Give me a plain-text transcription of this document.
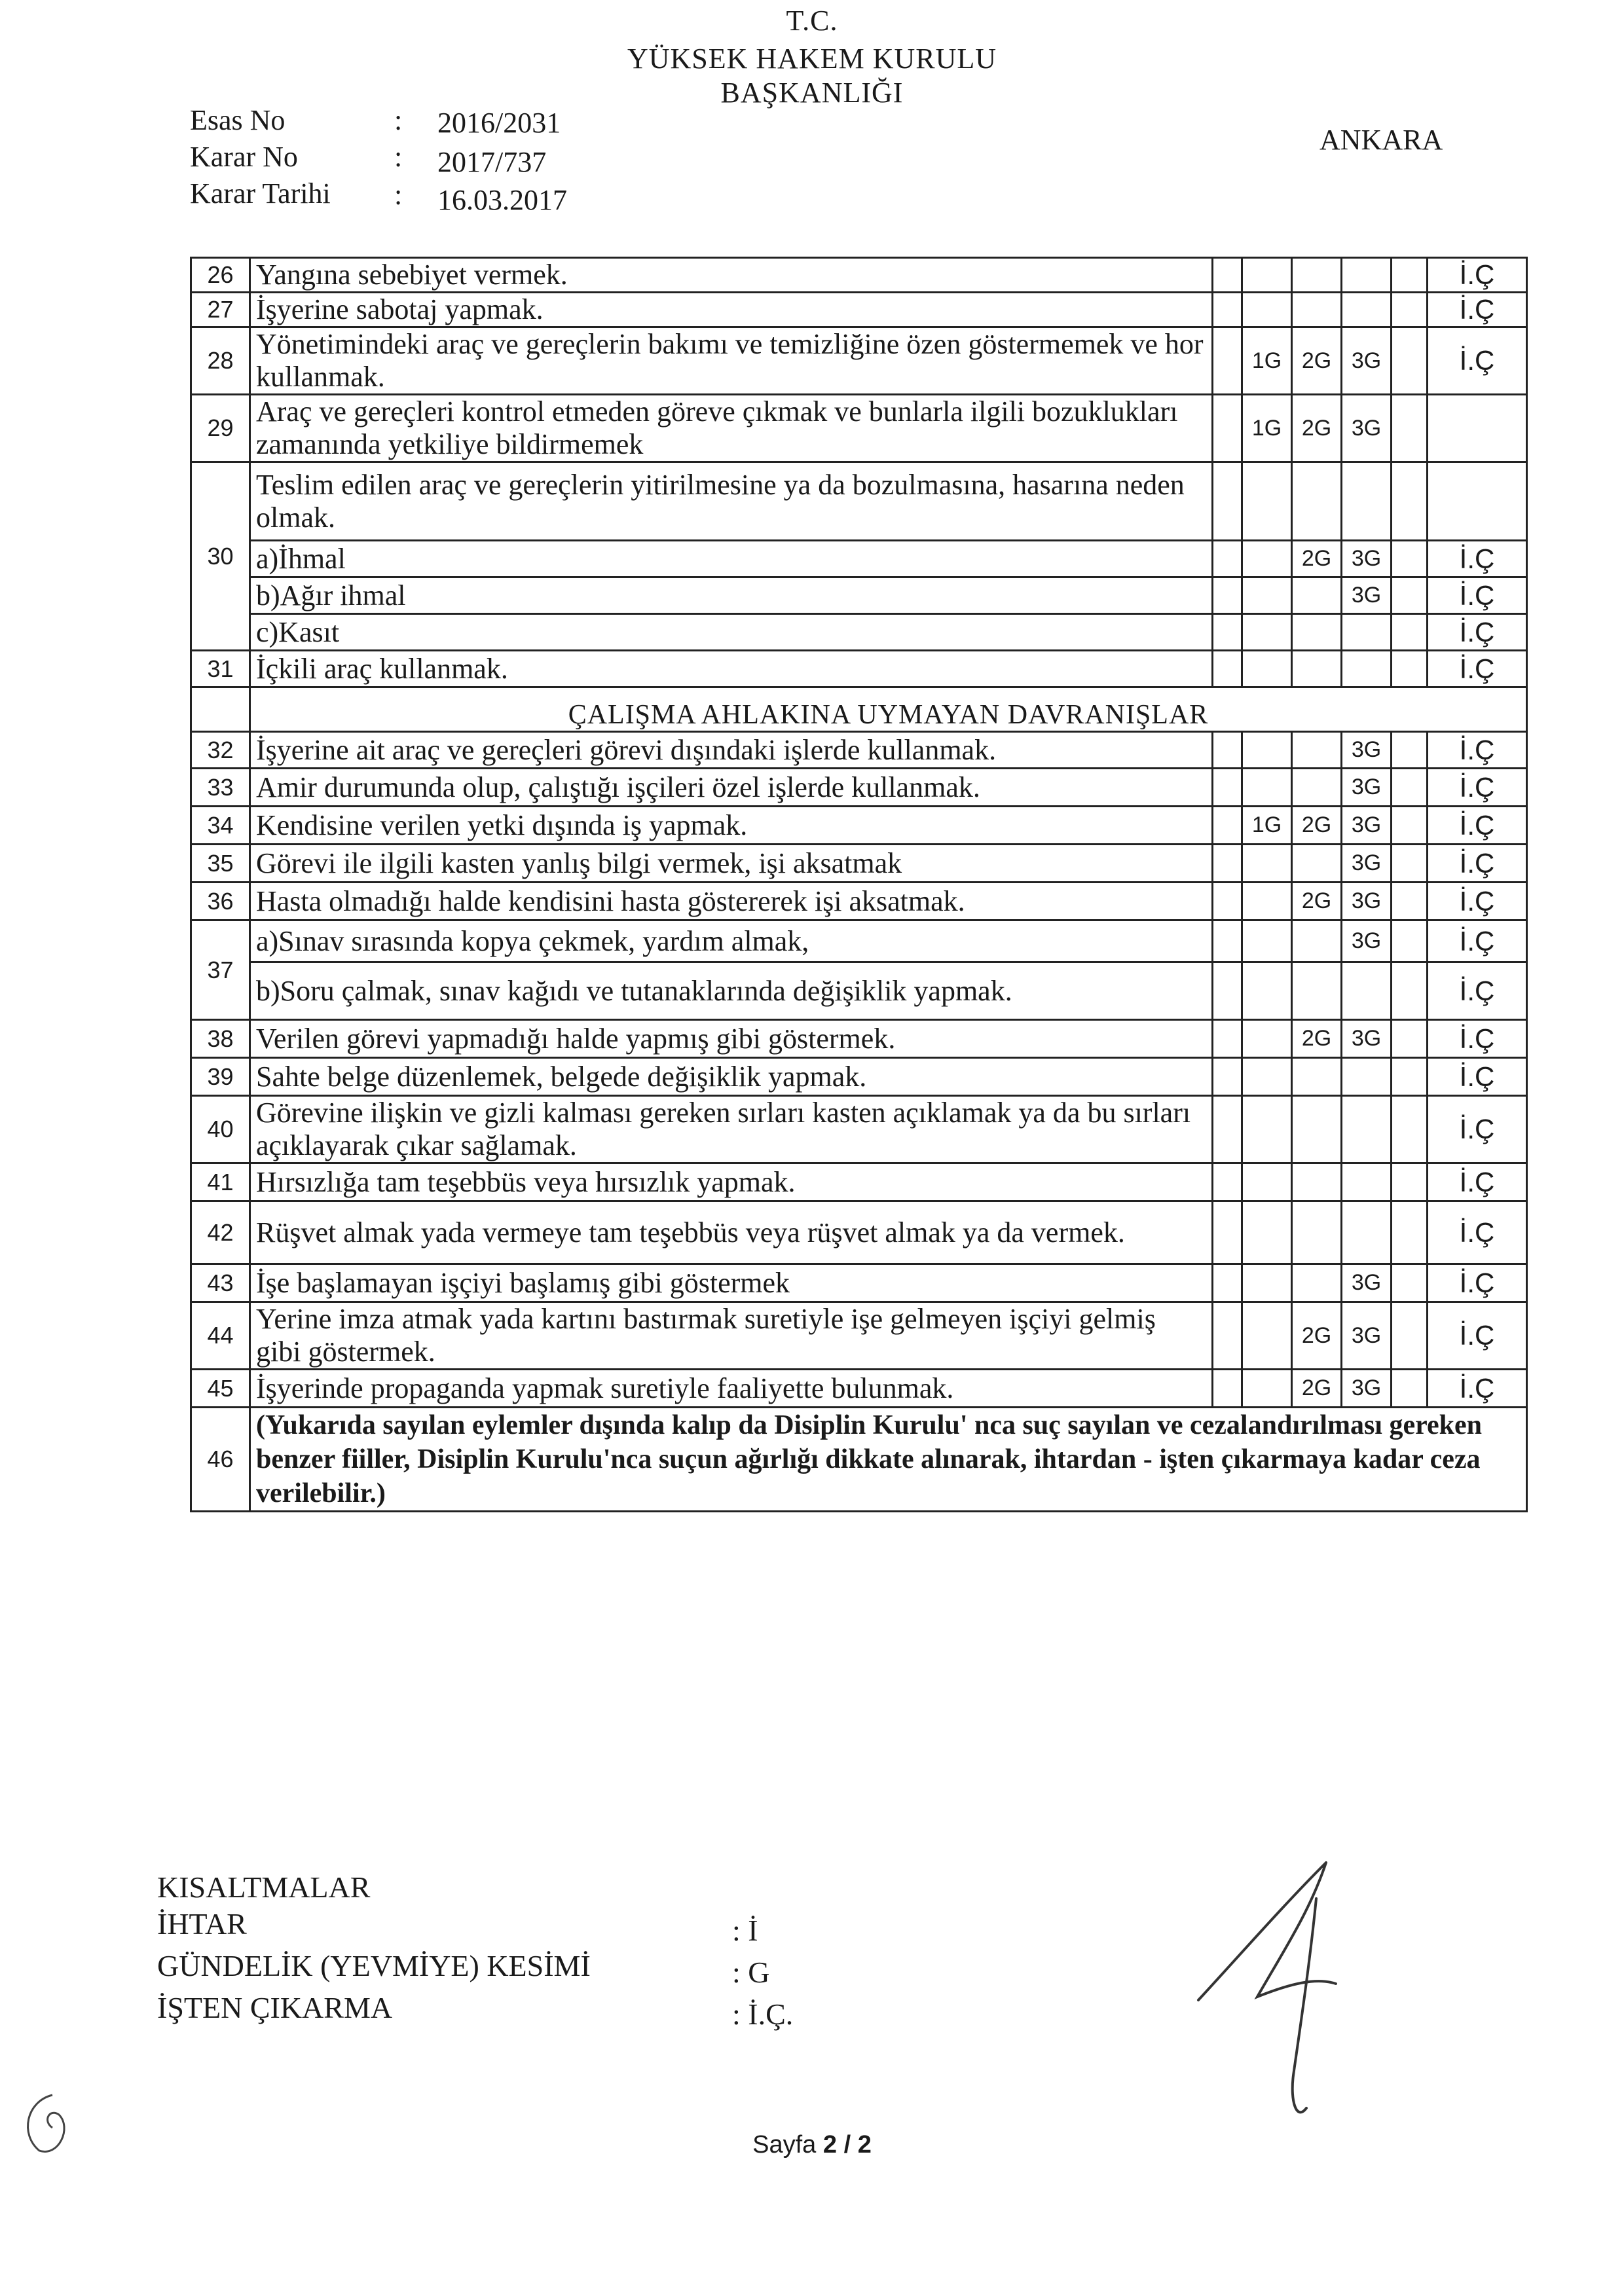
T.C.
YÜKSEK HAKEM KURULU
BAŞKANLIĞI
ANKARA
Esas No	: 2016/2031
Karar No	: 2017/737
Karar Tarihi : 16.03.2017
26	Yangına sebebiyet vermek.						İ.Ç
27	İşyerine sabotaj yapmak.						İ.Ç
28	Yönetimindeki araç ve gereçlerin bakımı ve temizliğine özen göstermemek ve hor kullanmak.		1G	2G	3G		İ.Ç
29	Araç ve gereçleri kontrol etmeden göreve çıkmak ve bunlarla ilgili bozuklukları zamanında yetkiliye bildirmemek		1G	2G	3G		
30	Teslim edilen araç ve gereçlerin yitirilmesine ya da bozulmasına, hasarına neden olmak.						
	a)İhmal			2G	3G		İ.Ç
	b)Ağır ihmal				3G		İ.Ç
	c)Kasıt						İ.Ç
31	İçkili araç kullanmak.						İ.Ç
	ÇALIŞMA AHLAKINA UYMAYAN DAVRANIŞLAR						
32	İşyerine ait araç ve gereçleri görevi dışındaki işlerde kullanmak.				3G		İ.Ç
33	Amir durumunda olup, çalıştığı işçileri özel işlerde kullanmak.				3G		İ.Ç
34	Kendisine verilen yetki dışında iş yapmak.		1G	2G	3G		İ.Ç
35	Görevi ile ilgili kasten yanlış bilgi vermek, işi aksatmak				3G		İ.Ç
36	Hasta olmadığı halde kendisini hasta göstererek işi aksatmak.			2G	3G		İ.Ç
37	a)Sınav sırasında kopya çekmek, yardım almak,				3G		İ.Ç
	b)Soru çalmak, sınav kağıdı ve tutanaklarında değişiklik yapmak.						İ.Ç
38	Verilen görevi yapmadığı halde yapmış gibi göstermek.			2G	3G		İ.Ç
39	Sahte belge düzenlemek, belgede değişiklik yapmak.						İ.Ç
40	Görevine ilişkin ve gizli kalması gereken sırları kasten açıklamak ya da bu sırları açıklayarak çıkar sağlamak.						İ.Ç
41	Hırsızlığa tam teşebbüs veya hırsızlık yapmak.						İ.Ç
42	Rüşvet almak yada vermeye tam teşebbüs veya rüşvet almak ya da vermek.						İ.Ç
43	İşe başlamayan işçiyi başlamış gibi göstermek				3G		İ.Ç
44	Yerine imza atmak yada kartını bastırmak suretiyle işe gelmeyen işçiyi gelmiş gibi göstermek.			2G	3G		İ.Ç
45	İşyerinde propaganda yapmak suretiyle faaliyette bulunmak.			2G	3G		İ.Ç
46	(Yukarıda sayılan eylemler dışında kalıp da Disiplin Kurulu' nca suç sayılan ve cezalandırılması gereken benzer fiiller, Disiplin Kurulu'nca suçun ağırlığı dikkate alınarak, ihtardan - işten çıkarmaya kadar ceza verilebilir.)						
KISALTMALAR
İHTAR	: İ
GÜNDELİK (YEVMİYE) KESİMİ	: G
İŞTEN ÇIKARMA	: İ.Ç.
Sayfa 2 / 2
